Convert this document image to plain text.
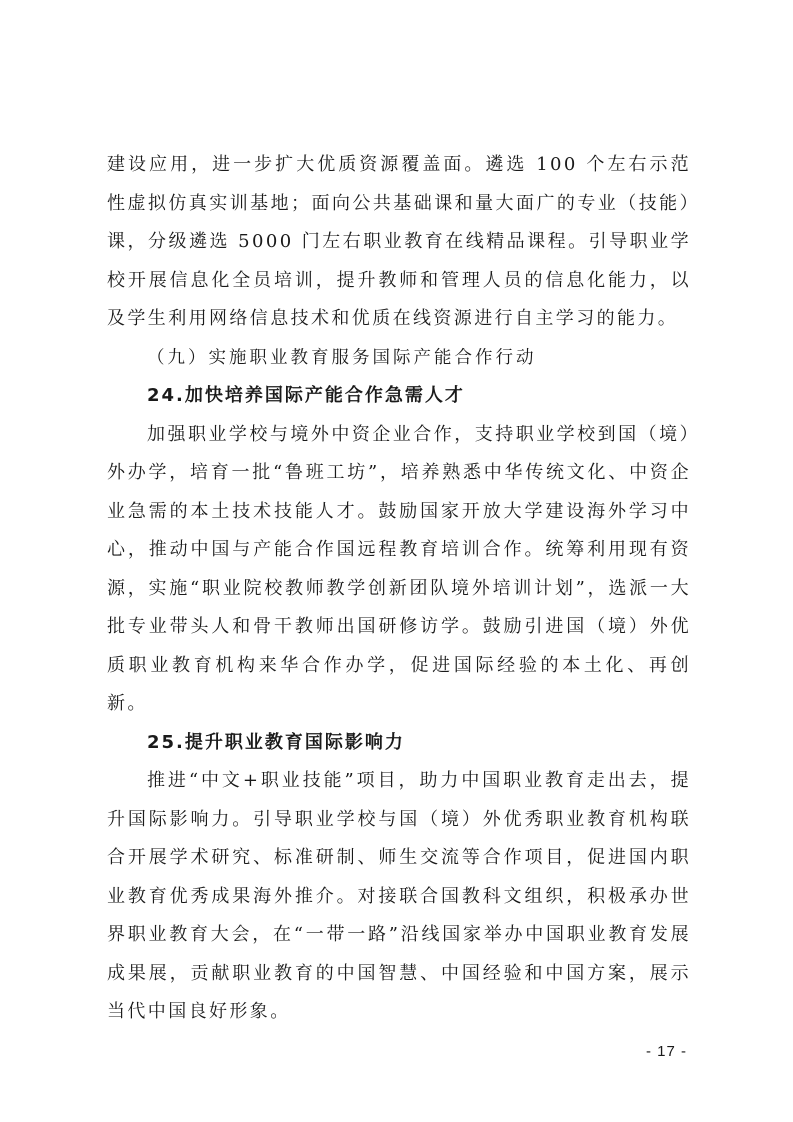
建设应用，进一步扩大优质资源覆盖面。遴选 100 个左右示范性虚拟仿真实训基地；面向公共基础课和量大面广的专业（技能）课，分级遴选 5000 门左右职业教育在线精品课程。引导职业学校开展信息化全员培训，提升教师和管理人员的信息化能力，以及学生利用网络信息技术和优质在线资源进行自主学习的能力。

（九）实施职业教育服务国际产能合作行动

24.加快培养国际产能合作急需人才

加强职业学校与境外中资企业合作，支持职业学校到国（境）外办学，培育一批“鲁班工坊”，培养熟悉中华传统文化、中资企业急需的本土技术技能人才。鼓励国家开放大学建设海外学习中心，推动中国与产能合作国远程教育培训合作。统筹利用现有资源，实施“职业院校教师教学创新团队境外培训计划”，选派一大批专业带头人和骨干教师出国研修访学。鼓励引进国（境）外优质职业教育机构来华合作办学，促进国际经验的本土化、再创新。

25.提升职业教育国际影响力

推进“中文+职业技能”项目，助力中国职业教育走出去，提升国际影响力。引导职业学校与国（境）外优秀职业教育机构联合开展学术研究、标准研制、师生交流等合作项目，促进国内职业教育优秀成果海外推介。对接联合国教科文组织，积极承办世界职业教育大会，在“一带一路”沿线国家举办中国职业教育发展成果展，贡献职业教育的中国智慧、中国经验和中国方案，展示当代中国良好形象。

- 17 -
